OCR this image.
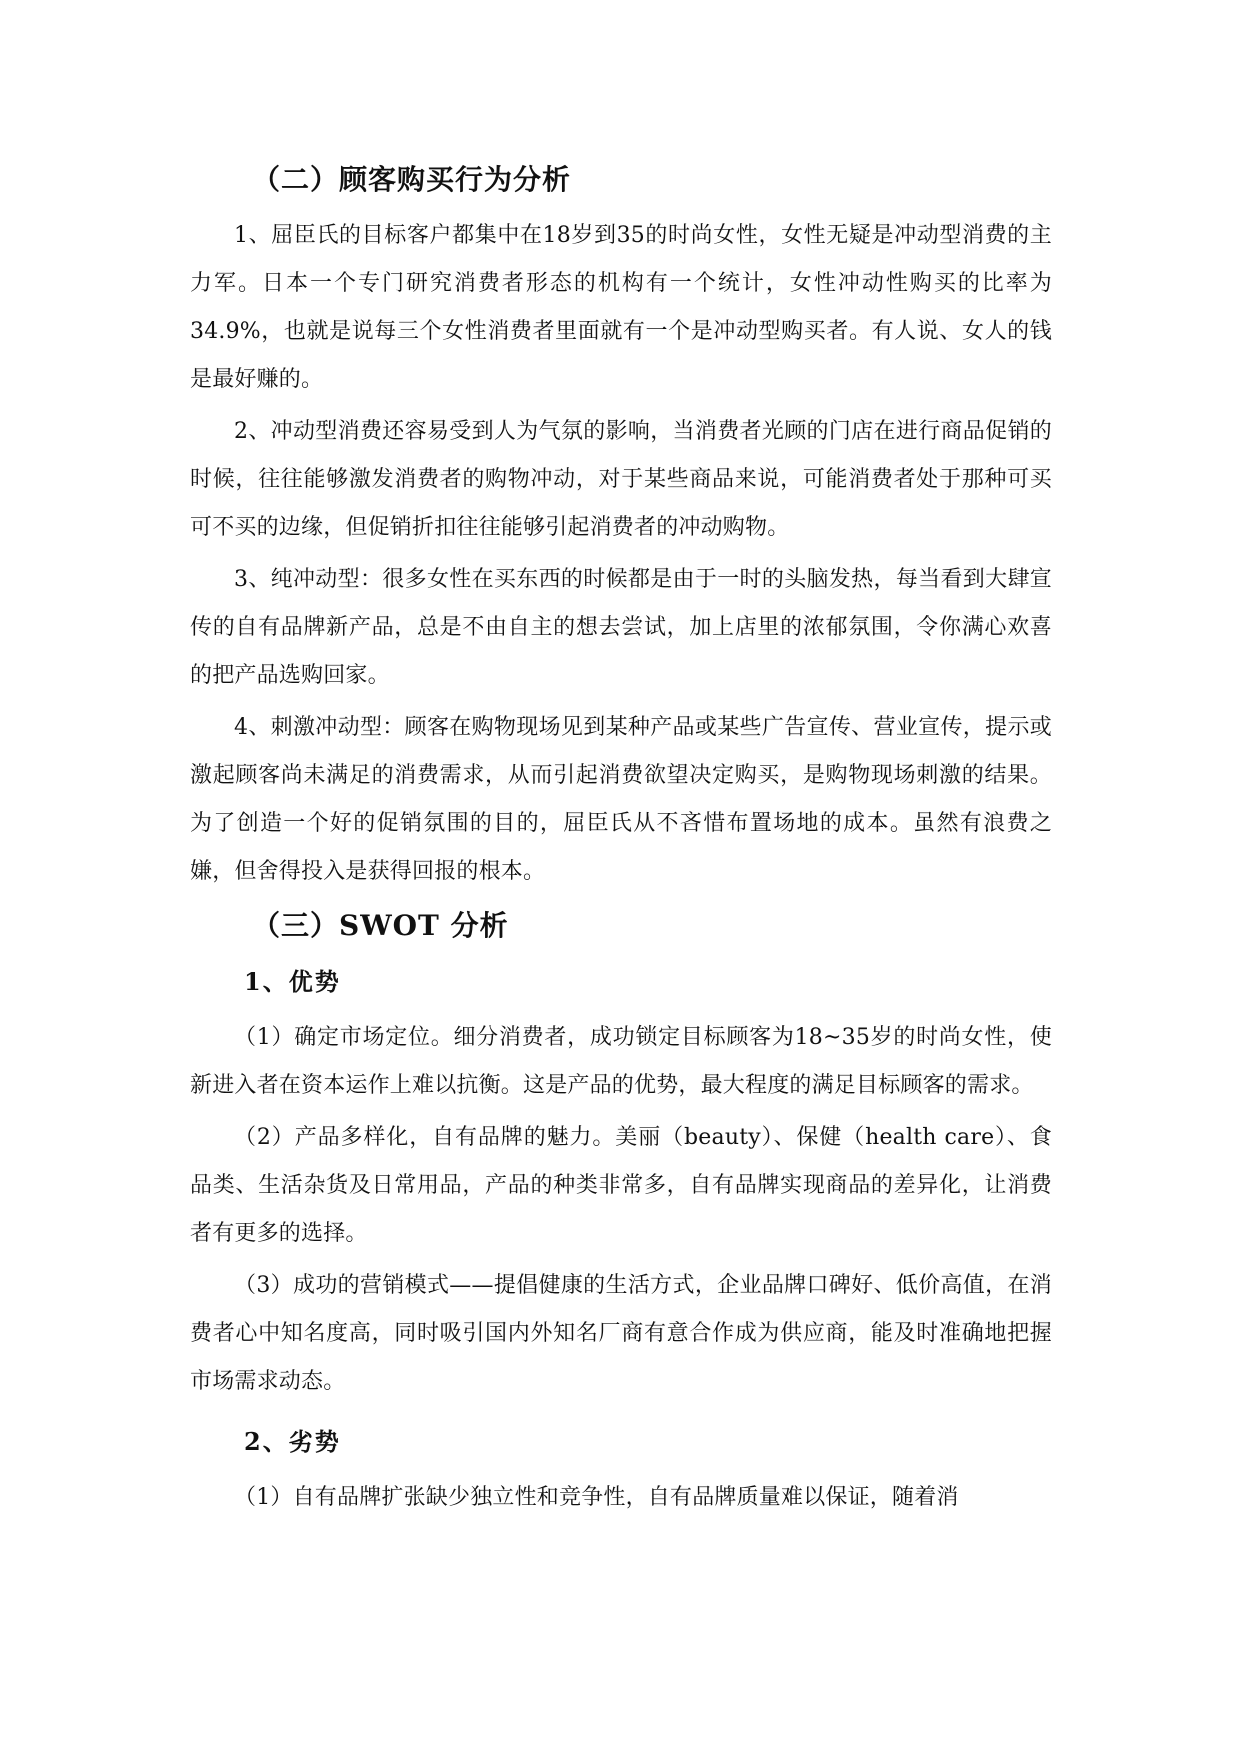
（二）顾客购买行为分析

1、屈臣氏的目标客户都集中在18岁到35的时尚女性，女性无疑是冲动型消费的主力军。日本一个专门研究消费者形态的机构有一个统计，女性冲动性购买的比率为34.9%，也就是说每三个女性消费者里面就有一个是冲动型购买者。有人说、女人的钱是最好赚的。

2、冲动型消费还容易受到人为气氛的影响，当消费者光顾的门店在进行商品促销的时候，往往能够激发消费者的购物冲动，对于某些商品来说，可能消费者处于那种可买可不买的边缘，但促销折扣往往能够引起消费者的冲动购物。

3、纯冲动型：很多女性在买东西的时候都是由于一时的头脑发热，每当看到大肆宣传的自有品牌新产品，总是不由自主的想去尝试，加上店里的浓郁氛围，令你满心欢喜的把产品选购回家。

4、刺激冲动型：顾客在购物现场见到某种产品或某些广告宣传、营业宣传，提示或激起顾客尚未满足的消费需求，从而引起消费欲望决定购买，是购物现场刺激的结果。为了创造一个好的促销氛围的目的，屈臣氏从不吝惜布置场地的成本。虽然有浪费之嫌，但舍得投入是获得回报的根本。

（三）SWOT 分析
1、优势

（1）确定市场定位。细分消费者，成功锁定目标顾客为18~35岁的时尚女性，使新进入者在资本运作上难以抗衡。这是产品的优势，最大程度的满足目标顾客的需求。

（2）产品多样化，自有品牌的魅力。美丽（beauty）、保健（health care）、食品类、生活杂货及日常用品，产品的种类非常多，自有品牌实现商品的差异化，让消费者有更多的选择。

（3）成功的营销模式——提倡健康的生活方式，企业品牌口碑好、低价高值，在消费者心中知名度高，同时吸引国内外知名厂商有意合作成为供应商，能及时准确地把握市场需求动态。

2、劣势

（1）自有品牌扩张缺少独立性和竞争性，自有品牌质量难以保证，随着消
